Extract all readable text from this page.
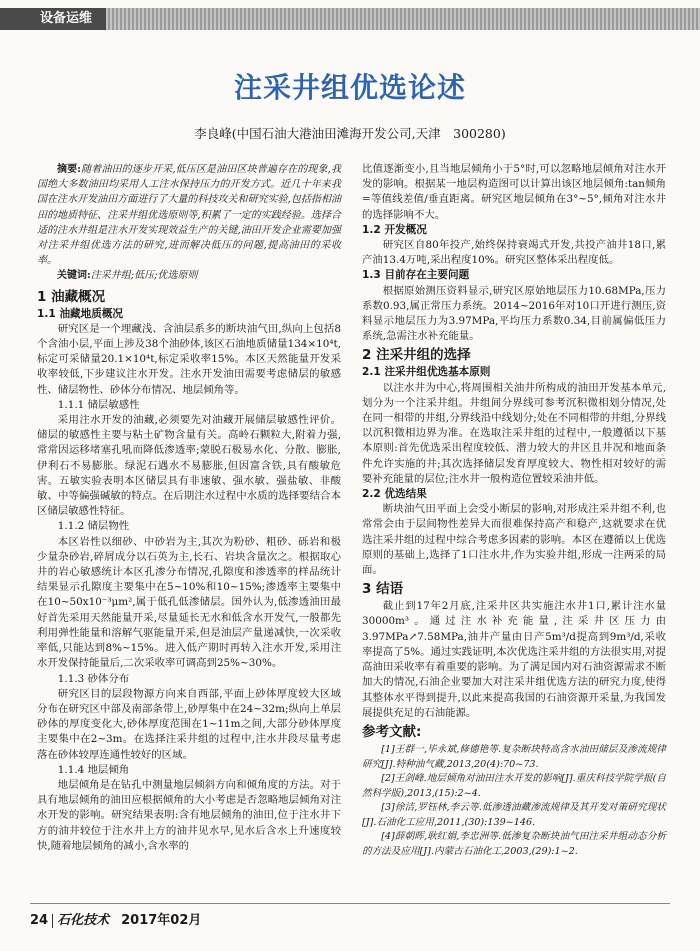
设备运维
注采井组优选论述
李良峰(中国石油大港油田滩海开发公司,天津　300280)

摘要:随着油田的逐步开采,低压区是油田区块普遍存在的现象,我国绝大多数油田均采用人工注水保持压力的开发方式。近几十年来我国在注水开发油田方面进行了大量的科技攻关和研究实验,包括指相油田的地质特征、注采井组优选原则等,积累了一定的实践经验。选择合适的注水井组是注水开发实现效益生产的关键,油田开发企业需要加强对注采井组优选方法的研究,进而解决低压的问题,提高油田的采收率。

关键词:注采井组;低压;优选原则

1 油藏概况
1.1 油藏地质概况

研究区是一个埋藏浅、含油层系多的断块油气田,纵向上包括8个含油小层,平面上涉及38个油砂体,该区石油地质储量134×10⁴t,标定可采储量20.1×10⁴t,标定采收率15%。本区天然能量开发采收率较低,下步建议注水开发。注水开发油田需要考虑储层的敏感性、储层物性、砂体分布情况、地层倾角等。

1.1.1 储层敏感性

采用注水开发的油藏,必须要先对油藏开展储层敏感性评价。储层的敏感性主要与粘土矿物含量有关。高岭石颗粒大,附着力强,常常因运移堵塞孔吼而降低渗透率;蒙脱石极易水化、分散、膨胀,伊利石不易膨胀。绿泥石遇水不易膨胀,但因富含铁,具有酸敏危害。五敏实验表明本区储层具有非速敏、强水敏、强盐敏、非酸敏、中等偏强碱敏的特点。在后期注水过程中水质的选择要结合本区储层敏感性特征。

1.1.2 储层物性

本区岩性以细砂、中砂岩为主,其次为粉砂、粗砂、砾岩和极少量杂砂岩,碎屑成分以石英为主,长石、岩块含量次之。根据取心井的岩心敏感统计本区孔渗分布情况,孔隙度和渗透率的样品统计结果显示孔隙度主要集中在5~10%和10~15%;渗透率主要集中在10~50x10⁻³μm²,属于低孔低渗储层。国外认为,低渗透油田最好首先采用天然能量开采,尽量延长无水和低含水开发气,一般都先利用弹性能量和溶解气驱能量开采,但是油层产量递减快,一次采收率低,只能达到8%~15%。进入低产期时再转入注水开发,采用注水开发保持能量后,二次采收率可调高到25%~30%。

1.1.3 砂体分布

研究区目的层段物源方向来自西部,平面上砂体厚度较大区域分布在研究区中部及南部条带上,砂厚集中在24~32m;纵向上单层砂体的厚度变化大,砂体厚度范围在1~11m之间,大部分砂体厚度主要集中在2~3m。在选择注采井组的过程中,注水井段尽量考虑落在砂体较厚连通性较好的区域。

1.1.4 地层倾角

地层倾角是在钻孔中测量地层倾斜方向和倾角度的方法。对于具有地层倾角的油田应根据倾角的大小考虑是否忽略地层倾角对注水开发的影响。研究结果表明:含有地层倾角的油田,位于注水井下方的油井较位于注水井上方的油井见水早,见水后含水上升速度较快,随着地层倾角的减小,含水率的

比值逐渐变小,且当地层倾角小于5°时,可以忽略地层倾角对注水开发的影响。根据某一地层构造图可以计算出该区地层倾角:tan倾角=等值线差值/垂直距离。研究区地层倾角在3°~5°,倾角对注水井的选择影响不大。

1.2 开发概况

研究区自80年投产,始终保持衰竭式开发,共投产油井18口,累产油13.4万吨,采出程度10%。研究区整体采出程度低。

1.3 目前存在主要问题

根据原始测压资料显示,研究区原始地层压力10.68MPa,压力系数0.93,属正常压力系统。2014~2016年对10口开进行测压,资料显示地层压力为3.97MPa,平均压力系数0.34,目前属偏低压力系统,急需注水补充能量。

2 注采井组的选择
2.1 注采井组优选基本原则

以注水井为中心,将周围相关油井所构成的油田开发基本单元,划分为一个注采井组。井组间分界线可参考沉积微相划分情况,处在同一相带的井组,分界线沿中线划分;处在不同相带的井组,分界线以沉积微相边界为准。在选取注采井组的过程中,一般遵循以下基本原则:首先优选采出程度较低、潜力较大的井区且井况和地面条件允许实施的井;其次选择储层发育厚度较大、物性相对较好的需要补充能量的层位;注水井一般构造位置较采油井低。

2.2 优选结果

断块油气田平面上会受小断层的影响,对形成注采井组不利,也常常会由于层间物性差异大而很难保持高产和稳产,这就要求在优选注采井组的过程中综合考虑多因素的影响。本区在遵循以上优选原则的基础上,选择了1口注水井,作为实验井组,形成一注两采的局面。

3 结语

截止到17年2月底,注采井区共实施注水井1口,累计注水量30000m³。通过注水补充能量,注采井区压力由3.97MPa↗7.58MPa,油井产量由日产5m³/d提高到9m³/d,采收率提高了5%。通过实践证明,本次优选注采井组的方法很实用,对提高油田采收率有着重要的影响。为了满足国内对石油资源需求不断加大的情况,石油企业要加大对注采井组优选方法的研究力度,使得其整体水平得到提升,以此来提高我国的石油资源开采量,为我国发展提供充足的石油能源。

参考文献:

[1]王群一,毕永斌,修德艳等.复杂断块特高含水油田储层及渗流规律研究[J].特种油气藏,2013,20(4):70~73.

[2]王剑峰.地层倾角对油田注水开发的影响[J].重庆科技学院学报(自然科学版),2013,(15):2~4.

[3]徐洁,罗钰林,李云等.低渗透油藏渗流规律及其开发对策研究现状[J].石油化工应用,2011,(30):139~146.

[4]薛朝晖,耿红娟,李忠洲等.低渗复杂断块油气田注采井组动态分析的方法及应用[J].内蒙古石油化工,2003,(29):1~2.

24 石化技术 2017年02月
